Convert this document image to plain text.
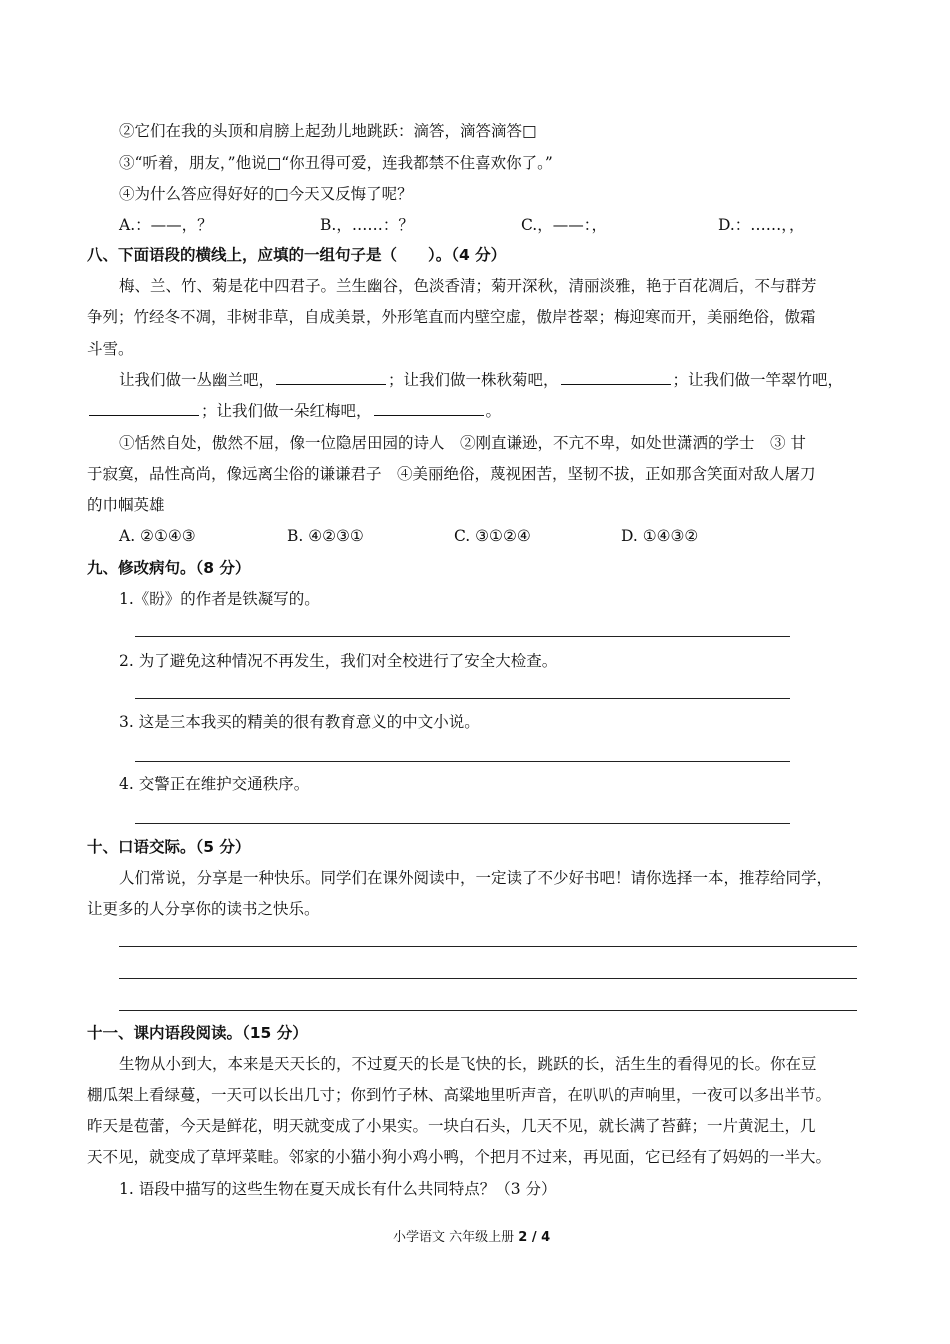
②它们在我的头顶和肩膀上起劲儿地跳跃：滴答，滴答滴答□
③“听着，朋友，”他说□“你丑得可爱，连我都禁不住喜欢你了。”
④为什么答应得好好的□今天又反悔了呢？
A.：——，？	B.，……：？	C.，——：，	D.：……，，
八、下面语段的横线上，应填的一组句子是（　　）。（4 分）
梅、兰、竹、菊是花中四君子。兰生幽谷，色淡香清；菊开深秋，清丽淡雅，艳于百花凋后，不与群芳
争列；竹经冬不凋，非树非草，自成美景，外形笔直而内壁空虚，傲岸苍翠；梅迎寒而开，美丽绝俗，傲霜
斗雪。
让我们做一丛幽兰吧，	；让我们做一株秋菊吧，	；让我们做一竿翠竹吧，
；让我们做一朵红梅吧，	。
①恬然自处，傲然不屈，像一位隐居田园的诗人　②刚直谦逊，不亢不卑，如处世潇洒的学士　③ 甘
于寂寞，品性高尚，像远离尘俗的谦谦君子　④美丽绝俗，蔑视困苦，坚韧不拔，正如那含笑面对敌人屠刀
的巾帼英雄
A. ②①④③	B. ④②③①	C. ③①②④	D. ①④③②
九、修改病句。（8 分）
1.《盼》的作者是铁凝写的。
2. 为了避免这种情况不再发生，我们对全校进行了安全大检查。
3. 这是三本我买的精美的很有教育意义的中文小说。
4. 交警正在维护交通秩序。
十、口语交际。（5 分）
人们常说，分享是一种快乐。同学们在课外阅读中，一定读了不少好书吧！请你选择一本，推荐给同学，
让更多的人分享你的读书之快乐。
十一、课内语段阅读。（15 分）
生物从小到大，本来是天天长的，不过夏天的长是飞快的长，跳跃的长，活生生的看得见的长。你在豆
棚瓜架上看绿蔓，一天可以长出几寸；你到竹子林、高粱地里听声音，在叭叭的声响里，一夜可以多出半节。
昨天是苞蕾，今天是鲜花，明天就变成了小果实。一块白石头，几天不见，就长满了苔藓；一片黄泥土，几
天不见，就变成了草坪菜畦。邻家的小猫小狗小鸡小鸭，个把月不过来，再见面，它已经有了妈妈的一半大。
1. 语段中描写的这些生物在夏天成长有什么共同特点？（3 分）
小学语文 六年级上册 2 / 4
